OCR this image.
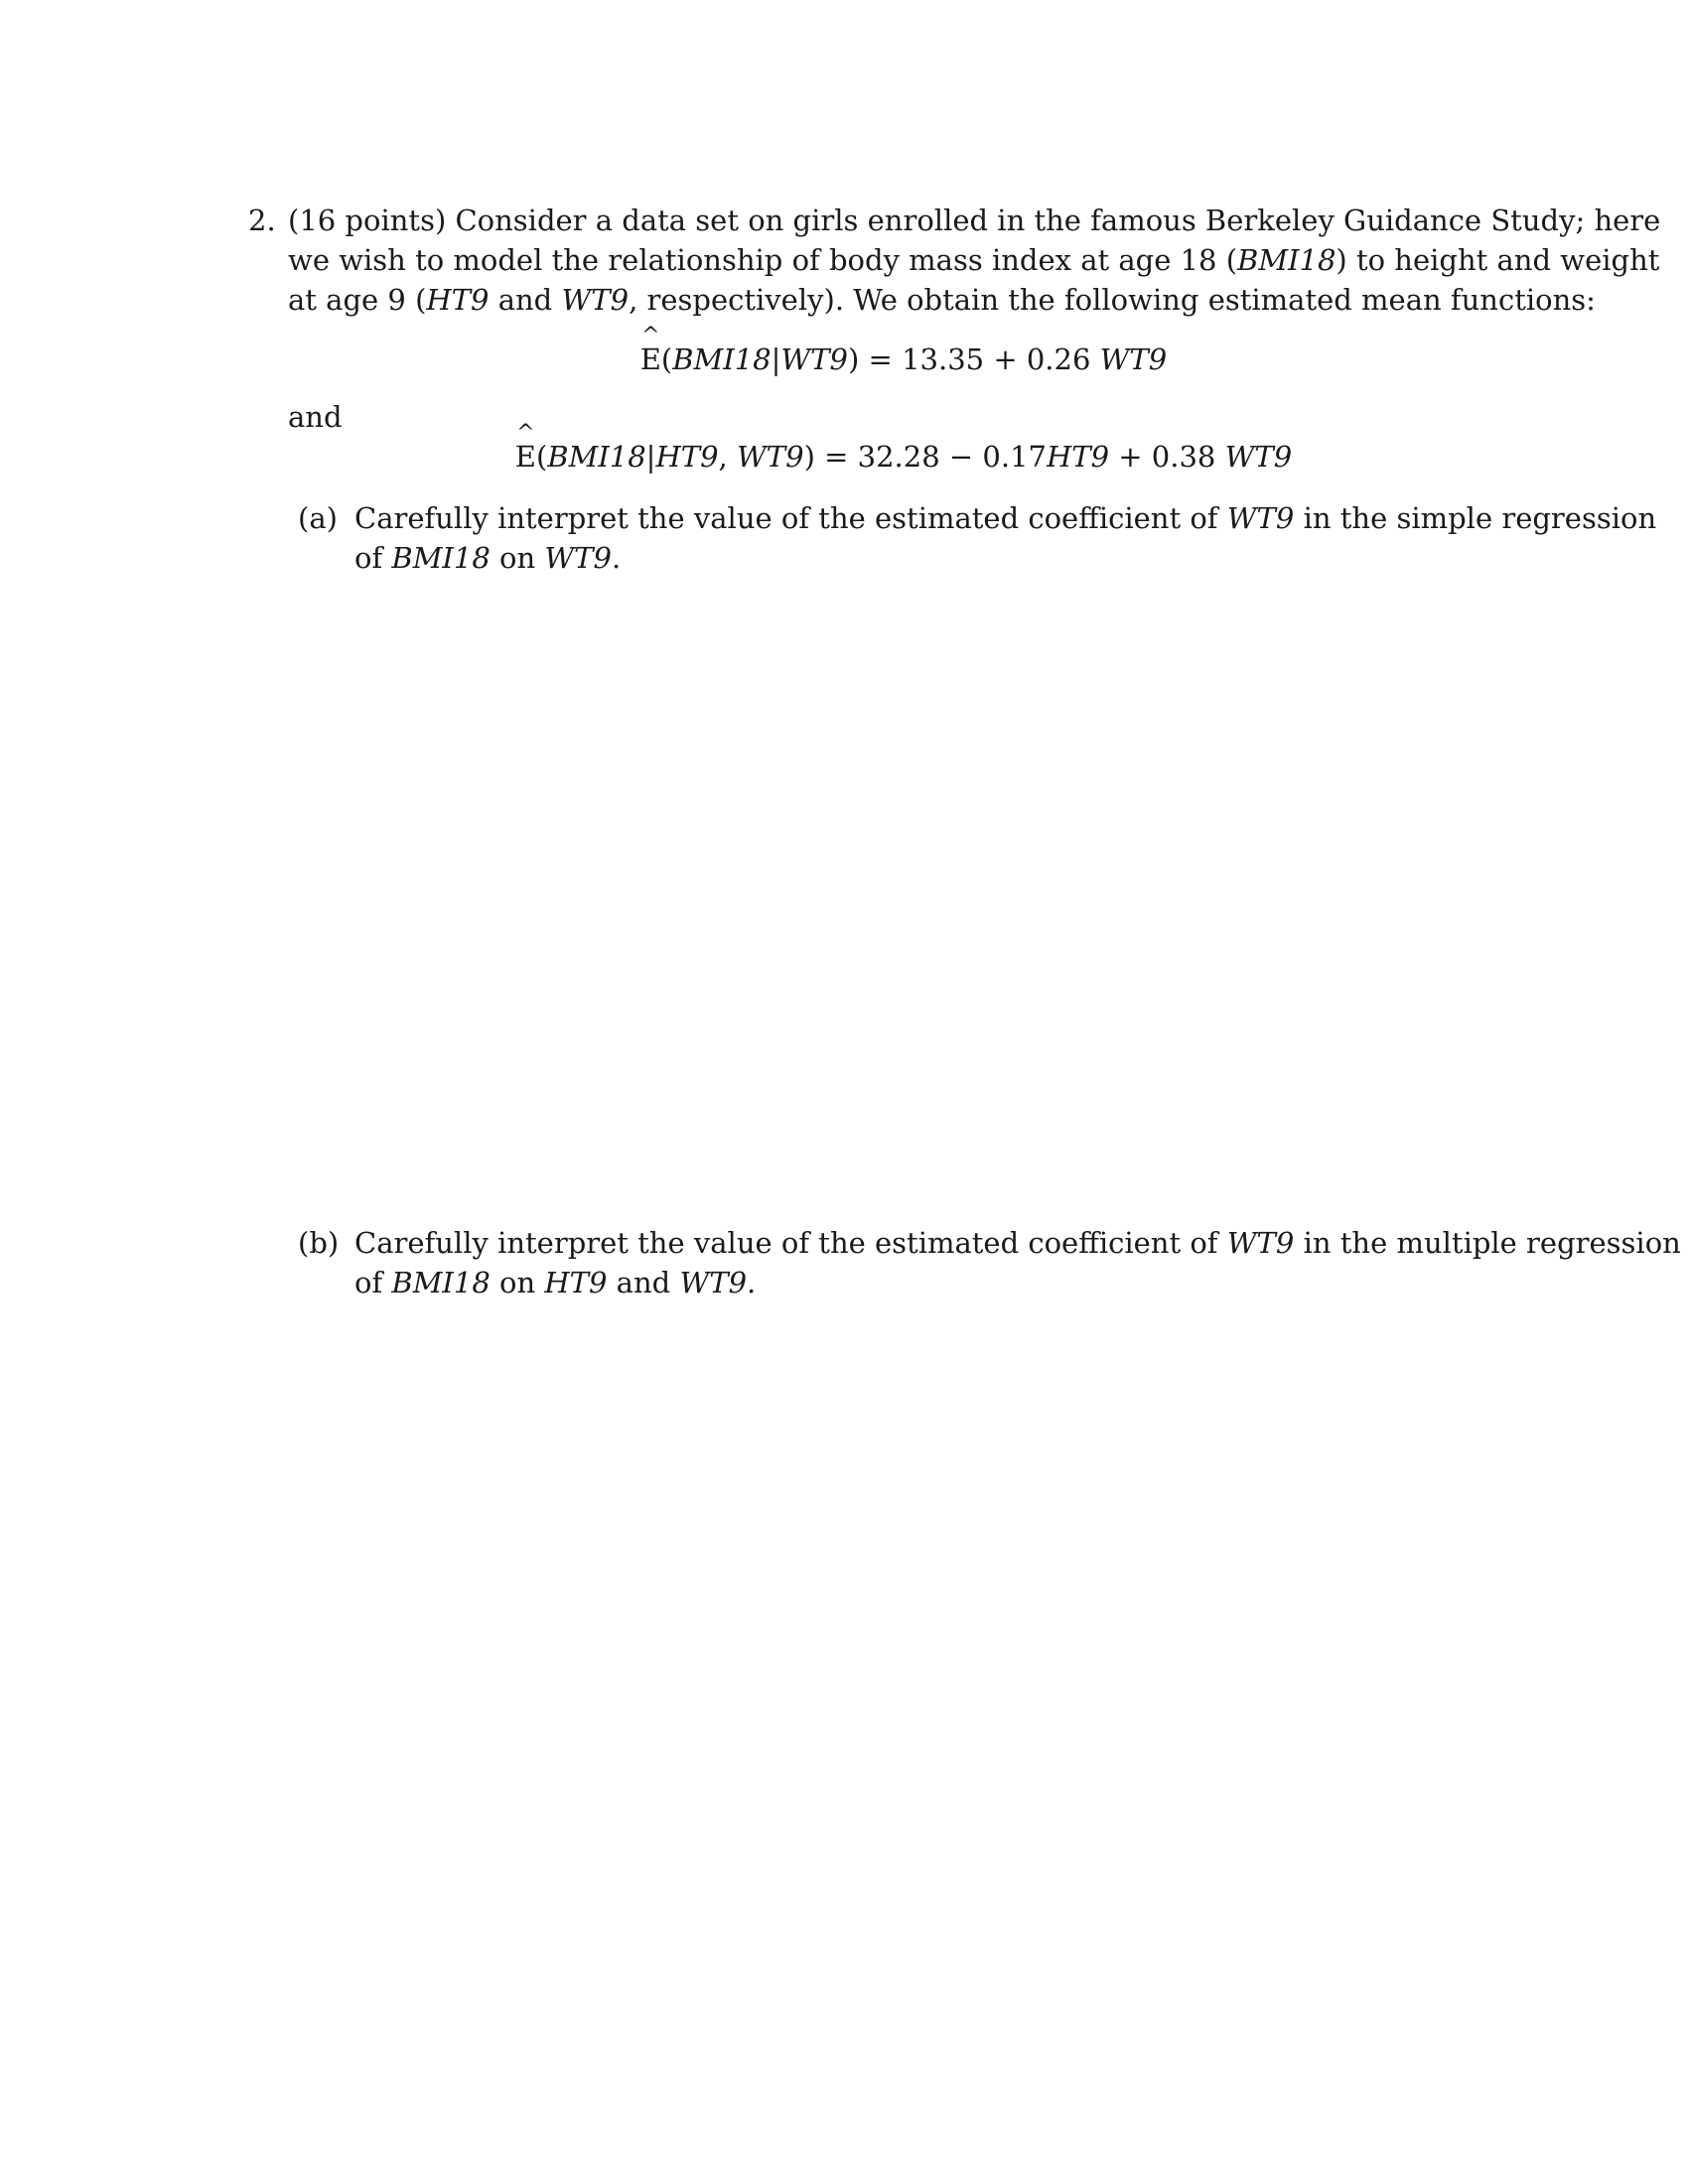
2. (16 points) Consider a data set on girls enrolled in the famous Berkeley Guidance Study; here
we wish to model the relationship of body mass index at age 18 (BMI18) to height and weight
at age 9 (HT9 and WT9, respectively). We obtain the following estimated mean functions:
^
E(BMI18|WT9) = 13.35 + 0.26 WT9
and	^
E(BMI18|HT9, WT9) = 32.28 − 0.17HT9 + 0.38 WT9
(a) Carefully interpret the value of the estimated coefficient of WT9 in the simple regression
of BMI18 on WT9.
(b) Carefully interpret the value of the estimated coefficient of WT9 in the multiple regression
of BMI18 on HT9 and WT9.
